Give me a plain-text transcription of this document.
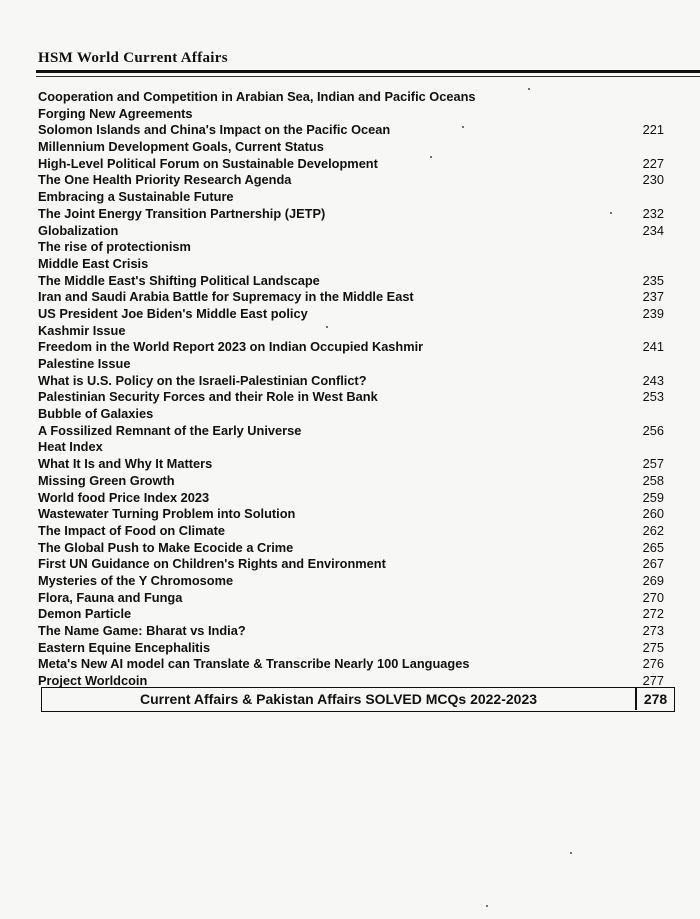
HSM World Current Affairs
Cooperation and Competition in Arabian Sea, Indian and Pacific Oceans
Forging New Agreements
Solomon Islands and China's Impact on the Pacific Ocean	221
Millennium Development Goals, Current Status
High-Level Political Forum on Sustainable Development	227
The One Health Priority Research Agenda	230
Embracing a Sustainable Future
The Joint Energy Transition Partnership (JETP)	232
Globalization	234
The rise of protectionism
Middle East Crisis
The Middle East's Shifting Political Landscape	235
Iran and Saudi Arabia Battle for Supremacy in the Middle East	237
US President Joe Biden's Middle East policy	239
Kashmir Issue
Freedom in the World Report 2023 on Indian Occupied Kashmir	241
Palestine Issue
What is U.S. Policy on the Israeli-Palestinian Conflict?	243
Palestinian Security Forces and their Role in West Bank	253
Bubble of Galaxies
A Fossilized Remnant of the Early Universe	256
Heat Index
What It Is and Why It Matters	257
Missing Green Growth	258
World food Price Index 2023	259
Wastewater Turning Problem into Solution	260
The Impact of Food on Climate	262
The Global Push to Make Ecocide a Crime	265
First UN Guidance on Children's Rights and Environment	267
Mysteries of the Y Chromosome	269
Flora, Fauna and Funga	270
Demon Particle	272
The Name Game: Bharat vs India?	273
Eastern Equine Encephalitis	275
Meta's New AI model can Translate & Transcribe Nearly 100 Languages	276
Project Worldcoin	277
Current Affairs & Pakistan Affairs SOLVED MCQs 2022-2023	278
